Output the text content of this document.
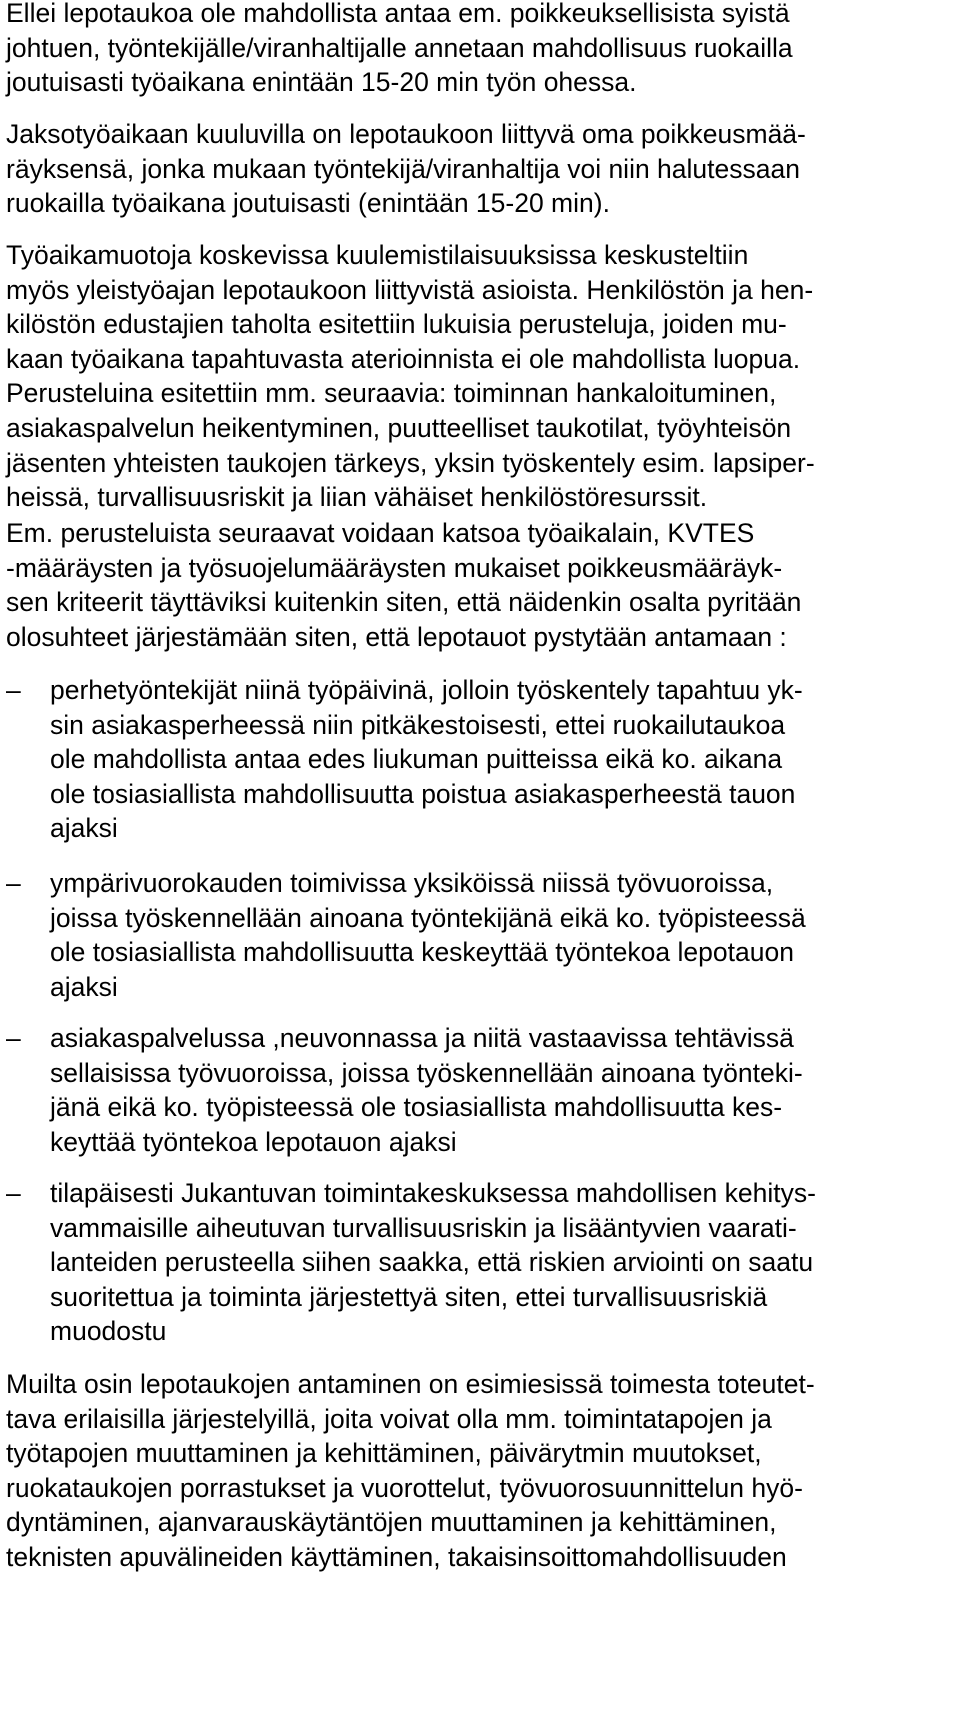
Ellei lepotaukoa ole mahdollista antaa em. poikkeuksellisista syistä
johtuen, työntekijälle/viranhaltijalle annetaan mahdollisuus ruokailla
joutuisasti työaikana enintään 15-20 min työn ohessa.
Jaksotyöaikaan kuuluvilla on lepotaukoon liittyvä oma poikkeusmää-
räyksensä, jonka mukaan työntekijä/viranhaltija voi niin halutessaan
ruokailla työaikana joutuisasti (enintään 15-20 min).
Työaikamuotoja koskevissa kuulemistilaisuuksissa keskusteltiin
myös yleistyöajan lepotaukoon liittyvistä asioista. Henkilöstön ja hen-
kilöstön edustajien taholta esitettiin lukuisia perusteluja, joiden mu-
kaan työaikana tapahtuvasta aterioinnista ei ole mahdollista luopua.
Perusteluina esitettiin mm. seuraavia: toiminnan hankaloituminen,
asiakaspalvelun heikentyminen, puutteelliset taukotilat, työyhteisön
jäsenten yhteisten taukojen tärkeys, yksin työskentely esim. lapsiper-
heissä, turvallisuusriskit ja liian vähäiset henkilöstöresurssit.
Em. perusteluista seuraavat voidaan katsoa työaikalain, KVTES
-määräysten ja työsuojelumääräysten mukaiset poikkeusmääräyk-
sen kriteerit täyttäviksi kuitenkin siten, että näidenkin osalta pyritään
olosuhteet järjestämään siten, että lepotauot pystytään antamaan :
–	perhetyöntekijät niinä työpäivinä, jolloin työskentely tapahtuu yk-
sin asiakasperheessä niin pitkäkestoisesti, ettei ruokailutaukoa
ole mahdollista antaa edes liukuman puitteissa eikä ko. aikana
ole tosiasiallista mahdollisuutta poistua asiakasperheestä tauon
ajaksi
–	ympärivuorokauden toimivissa yksiköissä niissä työvuoroissa,
joissa työskennellään ainoana työntekijänä eikä ko. työpisteessä
ole tosiasiallista mahdollisuutta keskeyttää työntekoa lepotauon
ajaksi
–	asiakaspalvelussa ,neuvonnassa ja niitä vastaavissa tehtävissä
sellaisissa työvuoroissa, joissa työskennellään ainoana työnteki-
jänä eikä ko. työpisteessä ole tosiasiallista mahdollisuutta kes-
keyttää työntekoa lepotauon ajaksi
–	tilapäisesti Jukantuvan toimintakeskuksessa mahdollisen kehitys-
vammaisille aiheutuvan turvallisuusriskin ja lisääntyvien vaarati-
lanteiden perusteella siihen saakka, että riskien arviointi on saatu
suoritettua ja toiminta järjestettyä siten, ettei turvallisuusriskiä
muodostu
Muilta osin lepotaukojen antaminen on esimiesissä toimesta toteutet-
tava erilaisilla järjestelyillä, joita voivat olla mm. toimintatapojen ja
työtapojen muuttaminen ja kehittäminen, päivärytmin muutokset,
ruokataukojen porrastukset ja vuorottelut, työvuorosuunnittelun hyö-
dyntäminen, ajanvarauskäytäntöjen muuttaminen ja kehittäminen,
teknisten apuvälineiden käyttäminen, takaisinsoittomahdollisuuden
